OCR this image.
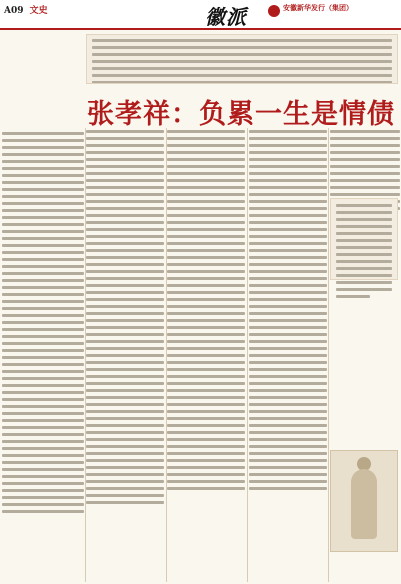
A09 文史	徽派	安徽新华发行（集团）
张孝祥：负累一生是情债
